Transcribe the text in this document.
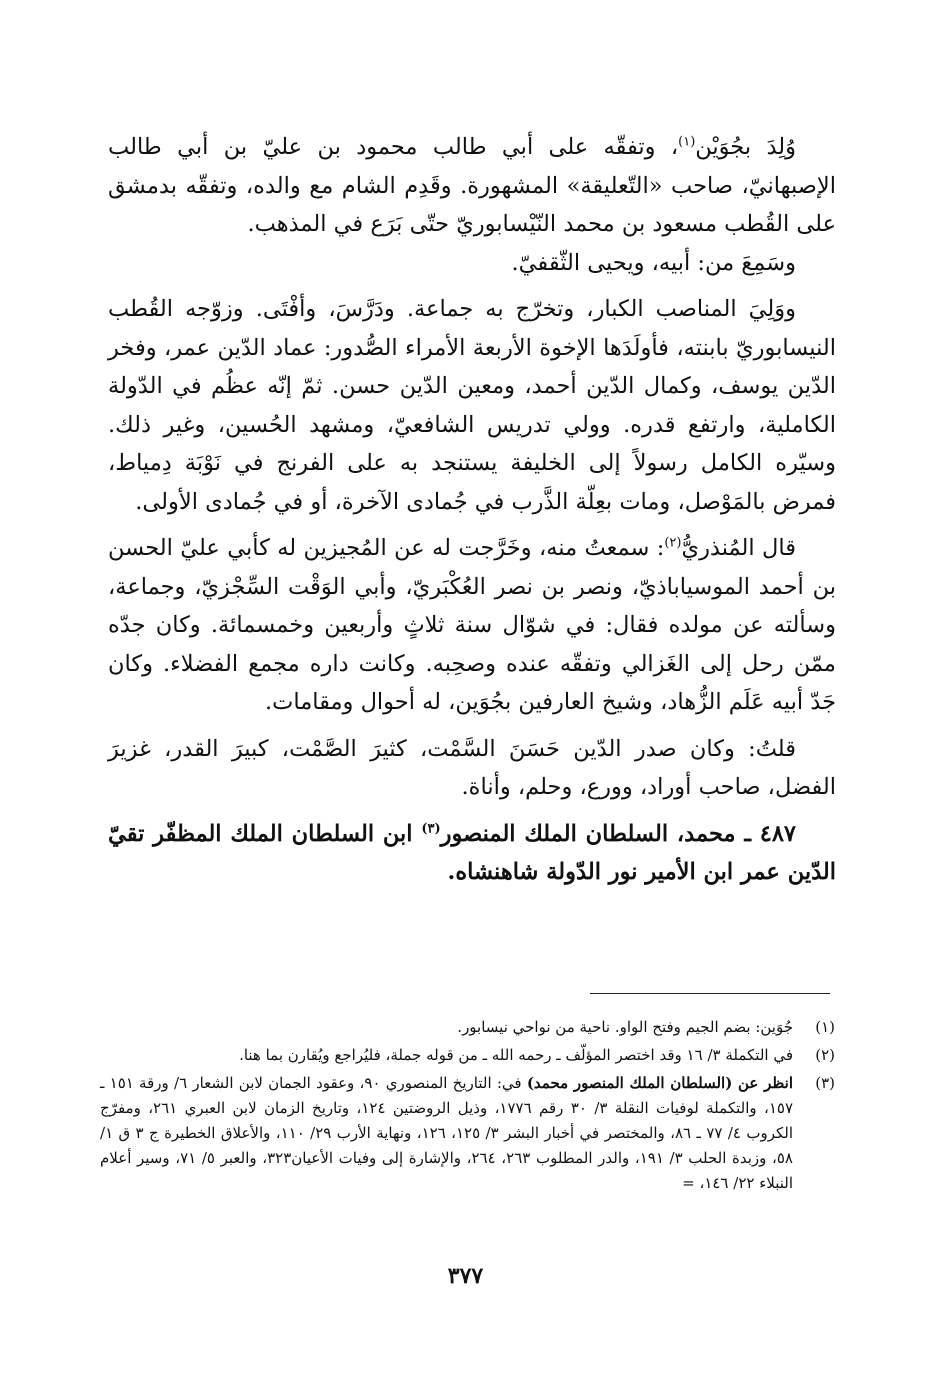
وُلِدَ بجُوَيْن$^{(١)}$، وتفقّه على أبي طالب محمود بن عليّ بن أبي طالب الإصبهانيّ، صاحب «التّعليقة» المشهورة. وقَدِم الشام مع والده، وتفقّه بدمشق على القُطب مسعود بن محمد النّيْسابوريّ حتّى بَرَع في المذهب.

وسَمِعَ من: أبيه، ويحيى الثّقفيّ.

ووَلِيَ المناصب الكبار، وتخرّج به جماعة. ودَرَّسَ، وأفْتَى. وزوّجه القُطب النيسابوريّ بابنته، فأولَدَها الإخوة الأربعة الأمراء الصُّدور: عماد الدّين عمر، وفخر الدّين يوسف، وكمال الدّين أحمد، ومعين الدّين حسن. ثمّ إنّه عظُم في الدّولة الكاملية، وارتفع قدره. وولي تدريس الشافعيّ، ومشهد الحُسين، وغير ذلك. وسيّره الكامل رسولاً إلى الخليفة يستنجد به على الفرنج في نَوْبَة دِمياط، فمرض بالمَوْصل، ومات بعِلّة الذَّرب في جُمادى الآخرة، أو في جُمادى الأولى.

قال المُنذريُّ$^{(٢)}$: سمعتُ منه، وخَرَّجت له عن المُجيزين له كأبي عليّ الحسن بن أحمد الموسياباذيّ، ونصر بن نصر العُكْبَريّ، وأبي الوَقْت السِّجْزيّ، وجماعة، وسألته عن مولده فقال: في شوّال سنة ثلاثٍ وأربعين وخمسمائة. وكان جدّه ممّن رحل إلى الغَزالي وتفقّه عنده وصحِبه. وكانت داره مجمع الفضلاء. وكان جَدّ أبيه عَلَم الزُّهاد، وشيخ العارفين بجُوَين، له أحوال ومقامات.

قلتُ: وكان صدر الدّين حَسَنَ السَّمْت، كثيرَ الصَّمْت، كبيرَ القدر، غزيرَ الفضل، صاحب أوراد، وورع، وحلم، وأناة.

٤٨٧ ـ محمد، السلطان الملك المنصور$^{(٣)}$ ابن السلطان الملك المظفّر تقيّ الدّين عمر ابن الأمير نور الدّولة شاهنشاه.

(١)
جُوَين: بضم الجيم وفتح الواو. ناحية من نواحي نيسابور.
(٢)
في التكملة ٣/ ١٦ وقد اختصر المؤلّف ـ رحمه الله ـ من قوله جملة، فليُراجع ويُقارن بما هنا.
(٣)
انظر عن (السلطان الملك المنصور محمد) في: التاريخ المنصوري ٩٠، وعقود الجمان لابن الشعار ٦/ ورقة ١٥١ ـ ١٥٧، والتكملة لوفيات النقلة ٣/ ٣٠ رقم ١٧٧٦، وذيل الروضتين ١٢٤، وتاريخ الزمان لابن العبري ٢٦١، ومفرّج الكروب ٤/ ٧٧ ـ ٨٦، والمختصر في أخبار البشر ٣/ ١٢٥، ١٢٦، ونهاية الأرب ٢٩/ ١١٠، والأعلاق الخطيرة ج ٣ ق ١/ ٥٨، وزبدة الحلب ٣/ ١٩١، والدر المطلوب ٢٦٣، ٢٦٤، والإشارة إلى وفيات الأعيان٣٢٣، والعبر ٥/ ٧١، وسير أعلام النبلاء ٢٢/ ١٤٦، =
٣٧٧
